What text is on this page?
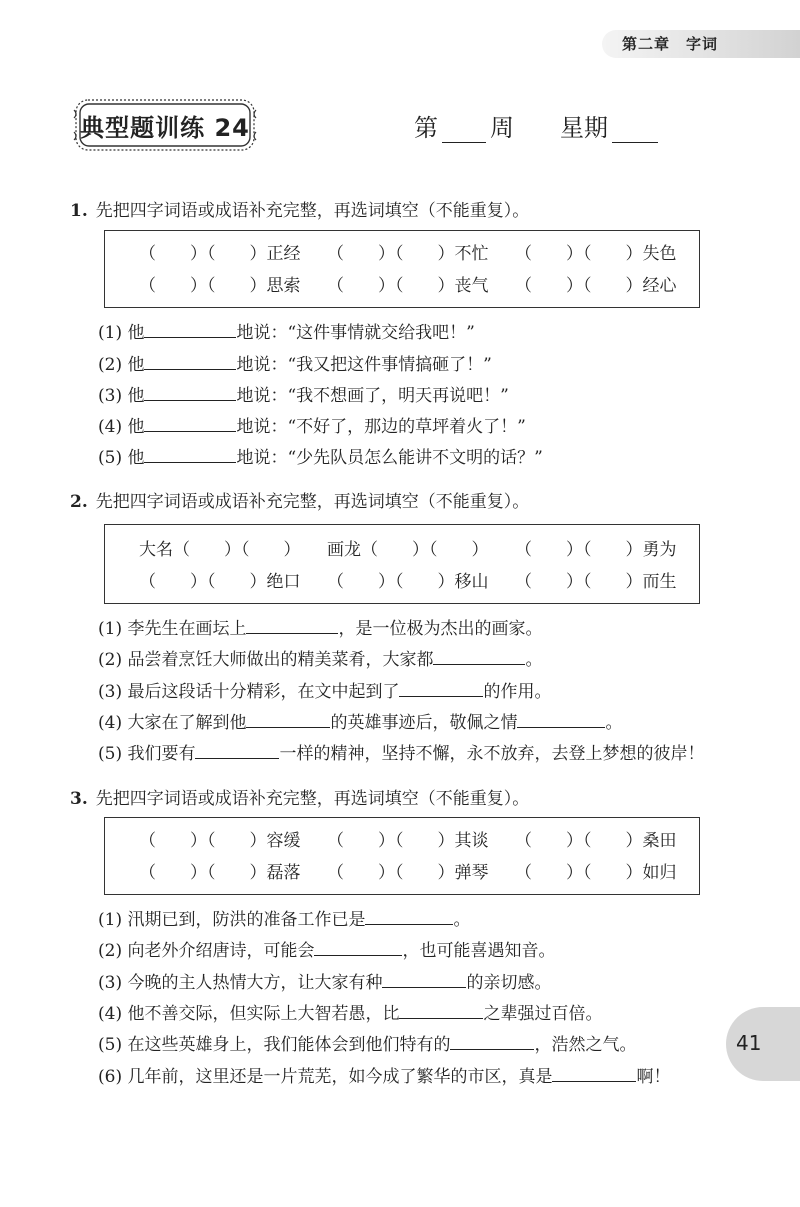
第二章　字词
典型题训练 24	第 周 星期
1. 先把四字词语或成语补充完整，再选词填空（不能重复）。
（　　）（　　）正经 （　　）（　　）不忙 （　　）（　　）失色
（　　）（　　）思索 （　　）（　　）丧气 （　　）（　　）经心
(1) 他	地说：“这件事情就交给我吧！”
(2) 他	地说：“我又把这件事情搞砸了！”
(3) 他	地说：“我不想画了，明天再说吧！”
(4) 他	地说：“不好了，那边的草坪着火了！”
(5) 他	地说：“少先队员怎么能讲不文明的话？”
2. 先把四字词语或成语补充完整，再选词填空（不能重复）。
大名（　　）（　　） 画龙（　　）（　　） （　　）（　　）勇为
（　　）（　　）绝口 （　　）（　　）移山 （　　）（　　）而生
(1) 李先生在画坛上	，是一位极为杰出的画家。
(2) 品尝着烹饪大师做出的精美菜肴，大家都	。
(3) 最后这段话十分精彩，在文中起到了	的作用。
(4) 大家在了解到他	的英雄事迹后，敬佩之情	。
(5) 我们要有	一样的精神，坚持不懈，永不放弃，去登上梦想的彼岸！
3. 先把四字词语或成语补充完整，再选词填空（不能重复）。
（　　）（　　）容缓 （　　）（　　）其谈 （　　）（　　）桑田
（　　）（　　）磊落 （　　）（　　）弹琴 （　　）（　　）如归
(1) 汛期已到，防洪的准备工作已是	。
(2) 向老外介绍唐诗，可能会	，也可能喜遇知音。
(3) 今晚的主人热情大方，让大家有种	的亲切感。
(4) 他不善交际，但实际上大智若愚，比	之辈强过百倍。
(5) 在这些英雄身上，我们能体会到他们特有的	，浩然之气。
(6) 几年前，这里还是一片荒芜，如今成了繁华的市区，真是	啊！
41
